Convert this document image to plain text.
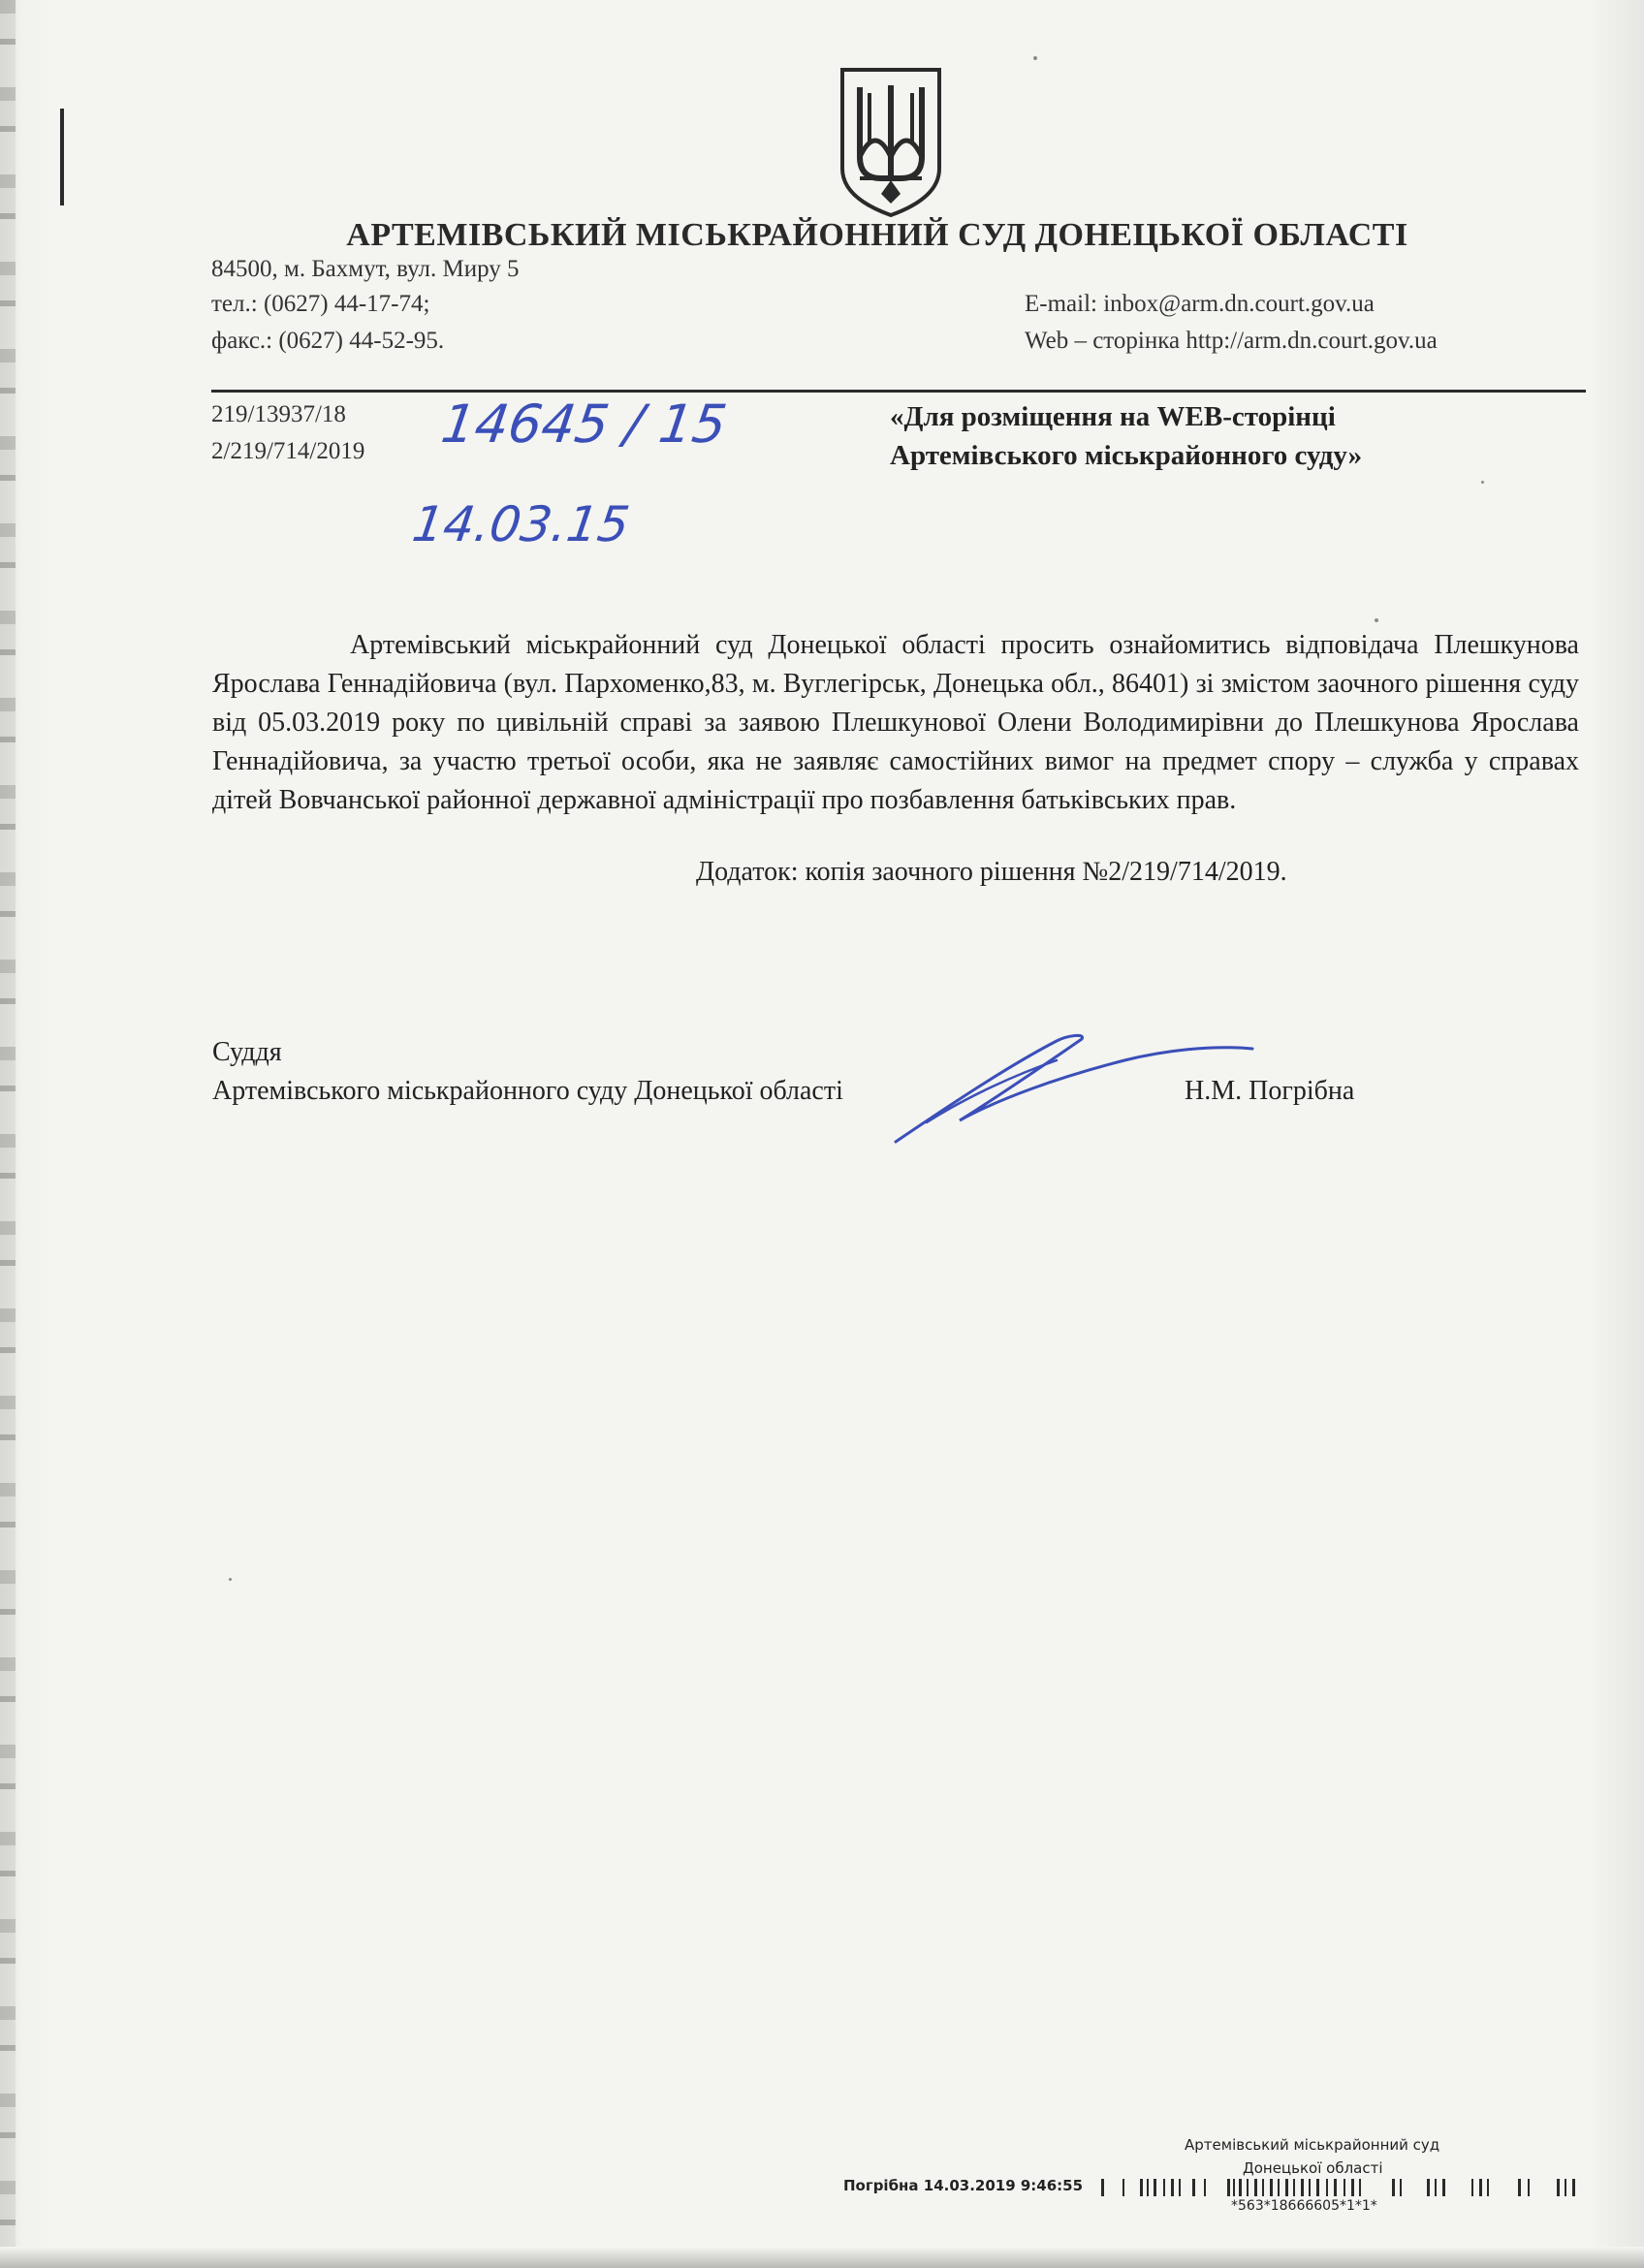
АРТЕМІВСЬКИЙ МІСЬКРАЙОННИЙ СУД ДОНЕЦЬКОЇ ОБЛАСТІ
84500, м. Бахмут, вул. Миру 5
тел.: (0627) 44-17-74;
факс.: (0627) 44-52-95.
E-mail: inbox@arm.dn.court.gov.ua
Web – сторінка http://arm.dn.court.gov.ua
219/13937/18
2/219/714/2019 14645 / 15
14.03.15
«Для розміщення на WEB-сторінці
Артемівського міськрайонного суду»
Артемівський міськрайонний суд Донецької області просить ознайомитись відповідача Плешкунова Ярослава Геннадійовича (вул. Пархоменко,83, м. Вуглегірськ, Донецька обл., 86401) зі змістом заочного рішення суду від 05.03.2019 року по цивільній справі за заявою Плешкунової Олени Володимирівни до Плешкунова Ярослава Геннадійовича, за участю третьої особи, яка не заявляє самостійних вимог на предмет спору – служба у справах дітей Вовчанської районної державної адміністрації про позбавлення батьківських прав.
Додаток: копія заочного рішення №2/219/714/2019.
Суддя
Артемівського міськрайонного суду Донецької області	Н.М. Погрібна
Артемівський міськрайонний суд
Донецької області
Погрібна 14.03.2019 9:46:55
*563*18666605*1*1*
